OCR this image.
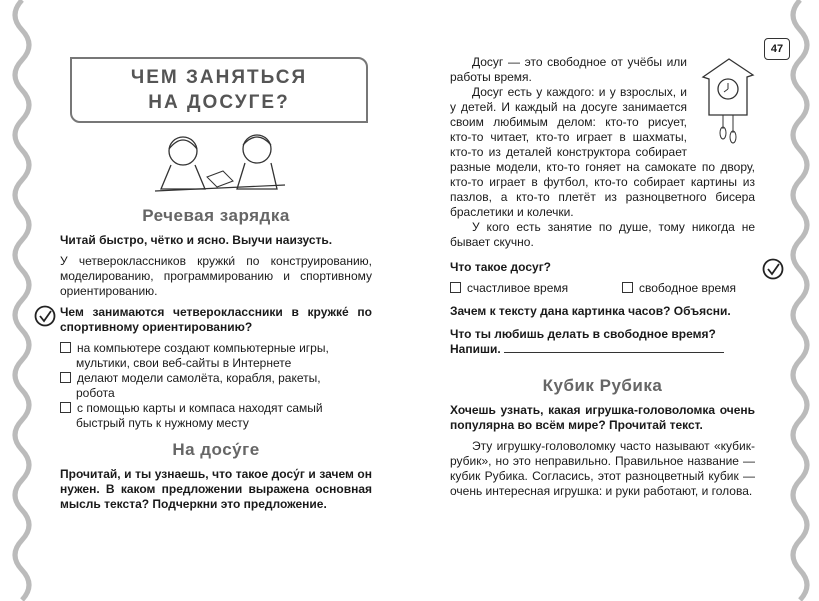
ЧЕМ ЗАНЯТЬСЯ
НА ДОСУГЕ?
Речевая зарядка
Читай быстро, чётко и ясно. Выучи наизусть.
У четвероклассников кружки́ по конструированию, моделированию, программированию и спортивному ориентированию.
Чем занимаются четвероклассники в кружке́ по спортивному ориентированию?
на компьютере создают компьютерные игры, мультики, свои веб-сайты в Интернете
делают модели самолёта, корабля, ракеты, робота
с помощью карты и компаса находят самый быстрый путь к нужному месту
На досу́ге
Прочитай, и ты узнаешь, что такое досу́г и зачем он нужен. В каком предложении выражена основная мысль текста? Подчеркни это предложение.
47
Досуг — это свободное от учёбы или работы время.
Досуг есть у каждого: и у взрослых, и у детей. И каждый на досуге занимается своим любимым делом: кто-то рисует, кто-то читает, кто-то играет в шахматы, кто-то из деталей конструктора собирает разные модели, кто-то гоняет на самокате по двору, кто-то играет в футбол, кто-то собирает картины из пазлов, а кто-то плетёт из разноцветного бисера браслетики и колечки.
У кого есть занятие по душе, тому никогда не бывает скучно.
Что такое досуг?
счастливое время	свободное время
Зачем к тексту дана картинка часов? Объясни.
Что ты любишь делать в свободное время? Напиши.
Кубик Рубика
Хочешь узнать, какая игрушка-головоломка очень популярна во всём мире? Прочитай текст.
Эту игрушку-головоломку часто называют «кубик-рубик», но это неправильно. Правильное название — кубик Рубика. Согласись, этот разноцветный кубик — очень интересная игрушка: и руки работают, и голова.
